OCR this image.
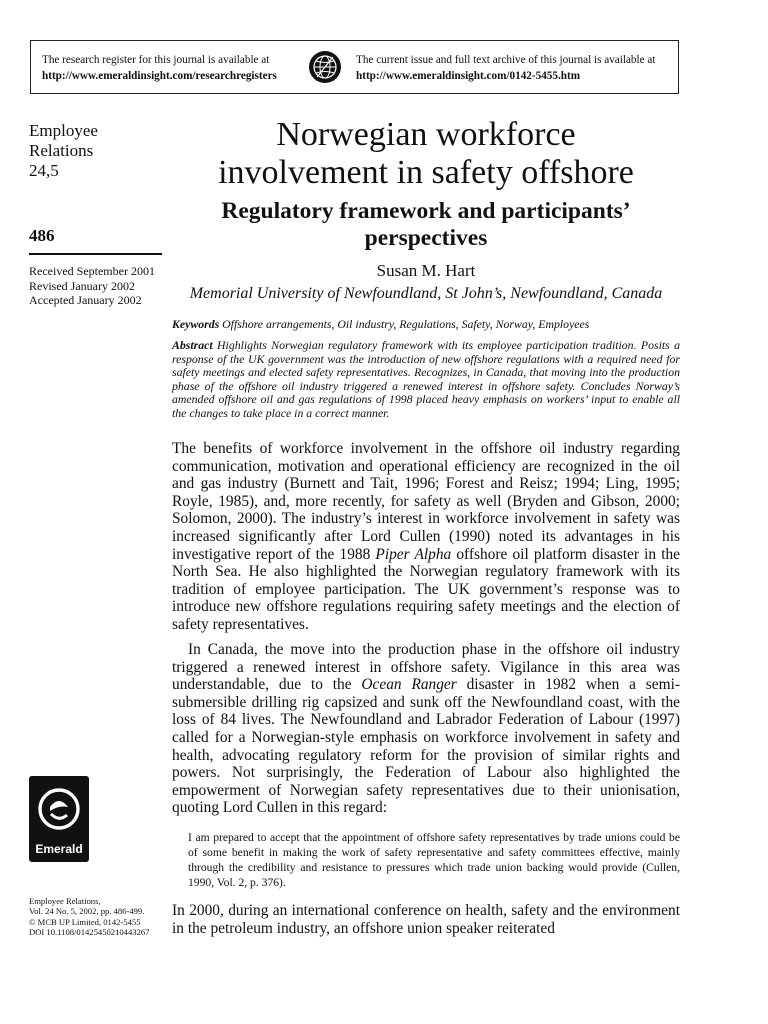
The research register for this journal is available at
http://www.emeraldinsight.com/researchregisters
The current issue and full text archive of this journal is available at
http://www.emeraldinsight.com/0142-5455.htm
Employee
Relations
24,5
486
Received September 2001
Revised January 2002
Accepted January 2002
Emerald
Employee Relations,
Vol. 24 No. 5, 2002, pp. 486-499.
© MCB UP Limited, 0142-5455
DOI 10.1108/01425450210443267
Norwegian workforce
involvement in safety offshore
Regulatory framework and participants’
perspectives
Susan M. Hart
Memorial University of Newfoundland, St John’s, Newfoundland, Canada
Keywords Offshore arrangements, Oil industry, Regulations, Safety, Norway, Employees
Abstract Highlights Norwegian regulatory framework with its employee participation tradition. Posits a response of the UK government was the introduction of new offshore regulations with a required need for safety meetings and elected safety representatives. Recognizes, in Canada, that moving into the production phase of the offshore oil industry triggered a renewed interest in offshore safety. Concludes Norway’s amended offshore oil and gas regulations of 1998 placed heavy emphasis on workers’ input to enable all the changes to take place in a correct manner.
The benefits of workforce involvement in the offshore oil industry regarding communication, motivation and operational efficiency are recognized in the oil and gas industry (Burnett and Tait, 1996; Forest and Reisz; 1994; Ling, 1995; Royle, 1985), and, more recently, for safety as well (Bryden and Gibson, 2000; Solomon, 2000). The industry’s interest in workforce involvement in safety was increased significantly after Lord Cullen (1990) noted its advantages in his investigative report of the 1988 Piper Alpha offshore oil platform disaster in the North Sea. He also highlighted the Norwegian regulatory framework with its tradition of employee participation. The UK government’s response was to introduce new offshore regulations requiring safety meetings and the election of safety representatives.
In Canada, the move into the production phase in the offshore oil industry triggered a renewed interest in offshore safety. Vigilance in this area was understandable, due to the Ocean Ranger disaster in 1982 when a semi-submersible drilling rig capsized and sunk off the Newfoundland coast, with the loss of 84 lives. The Newfoundland and Labrador Federation of Labour (1997) called for a Norwegian-style emphasis on workforce involvement in safety and health, advocating regulatory reform for the provision of similar rights and powers. Not surprisingly, the Federation of Labour also highlighted the empowerment of Norwegian safety representatives due to their unionisation, quoting Lord Cullen in this regard:
I am prepared to accept that the appointment of offshore safety representatives by trade unions could be of some benefit in making the work of safety representative and safety committees effective, mainly through the credibility and resistance to pressures which trade union backing would provide (Cullen, 1990, Vol. 2, p. 376).
In 2000, during an international conference on health, safety and the environment in the petroleum industry, an offshore union speaker reiterated
